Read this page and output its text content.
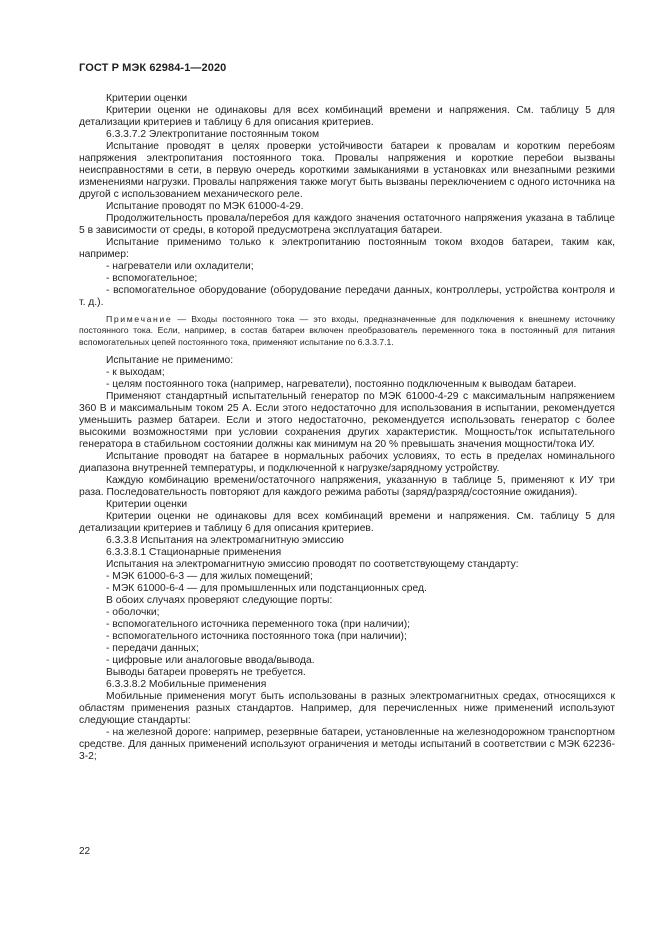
ГОСТ Р МЭК 62984-1—2020

Критерии оценки

Критерии оценки не одинаковы для всех комбинаций времени и напряжения. См. таблицу 5 для детализации критериев и таблицу 6 для описания критериев.

6.3.3.7.2 Электропитание постоянным током

Испытание проводят в целях проверки устойчивости батареи к провалам и коротким перебоям напряжения электропитания постоянного тока. Провалы напряжения и короткие перебои вызваны неисправностями в сети, в первую очередь короткими замыканиями в установках или внезапными резкими изменениями нагрузки. Провалы напряжения также могут быть вызваны переключением с одного источника на другой с использованием механического реле.

Испытание проводят по МЭК 61000-4-29.

Продолжительность провала/перебоя для каждого значения остаточного напряжения указана в таблице 5 в зависимости от среды, в которой предусмотрена эксплуатация батареи.

Испытание применимо только к электропитанию постоянным током входов батареи, таким как, например:

- нагреватели или охладители;

- вспомогательное;

- вспомогательное оборудование (оборудование передачи данных, контроллеры, устройства контроля и т. д.).

Примечание — Входы постоянного тока — это входы, предназначенные для подключения к внешнему источнику постоянного тока. Если, например, в состав батареи включен преобразователь переменного тока в постоянный для питания вспомогательных цепей постоянного тока, применяют испытание по 6.3.3.7.1.

Испытание не применимо:

- к выходам;

- целям постоянного тока (например, нагреватели), постоянно подключенным к выводам батареи.

Применяют стандартный испытательный генератор по МЭК 61000-4-29 с максимальным напряжением 360 В и максимальным током 25 А. Если этого недостаточно для использования в испытании, рекомендуется уменьшить размер батареи. Если и этого недостаточно, рекомендуется использовать генератор с более высокими возможностями при условии сохранения других характеристик. Мощность/ток испытательного генератора в стабильном состоянии должны как минимум на 20 % превышать значения мощности/тока ИУ.

Испытание проводят на батарее в нормальных рабочих условиях, то есть в пределах номинального диапазона внутренней температуры, и подключенной к нагрузке/зарядному устройству.

Каждую комбинацию времени/остаточного напряжения, указанную в таблице 5, применяют к ИУ три раза. Последовательность повторяют для каждого режима работы (заряд/разряд/состояние ожидания).

Критерии оценки

Критерии оценки не одинаковы для всех комбинаций времени и напряжения. См. таблицу 5 для детализации критериев и таблицу 6 для описания критериев.

6.3.3.8 Испытания на электромагнитную эмиссию

6.3.3.8.1 Стационарные применения

Испытания на электромагнитную эмиссию проводят по соответствующему стандарту:

- МЭК 61000-6-3 — для жилых помещений;

- МЭК 61000-6-4 — для промышленных или подстанционных сред.

В обоих случаях проверяют следующие порты:

- оболочки;

- вспомогательного источника переменного тока (при наличии);

- вспомогательного источника постоянного тока (при наличии);

- передачи данных;

- цифровые или аналоговые ввода/вывода.

Выводы батареи проверять не требуется.

6.3.3.8.2 Мобильные применения

Мобильные применения могут быть использованы в разных электромагнитных средах, относящихся к областям применения разных стандартов. Например, для перечисленных ниже применений используют следующие стандарты:

- на железной дороге: например, резервные батареи, установленные на железнодорожном транспортном средстве. Для данных применений используют ограничения и методы испытаний в соответствии с МЭК 62236-3-2;

22
